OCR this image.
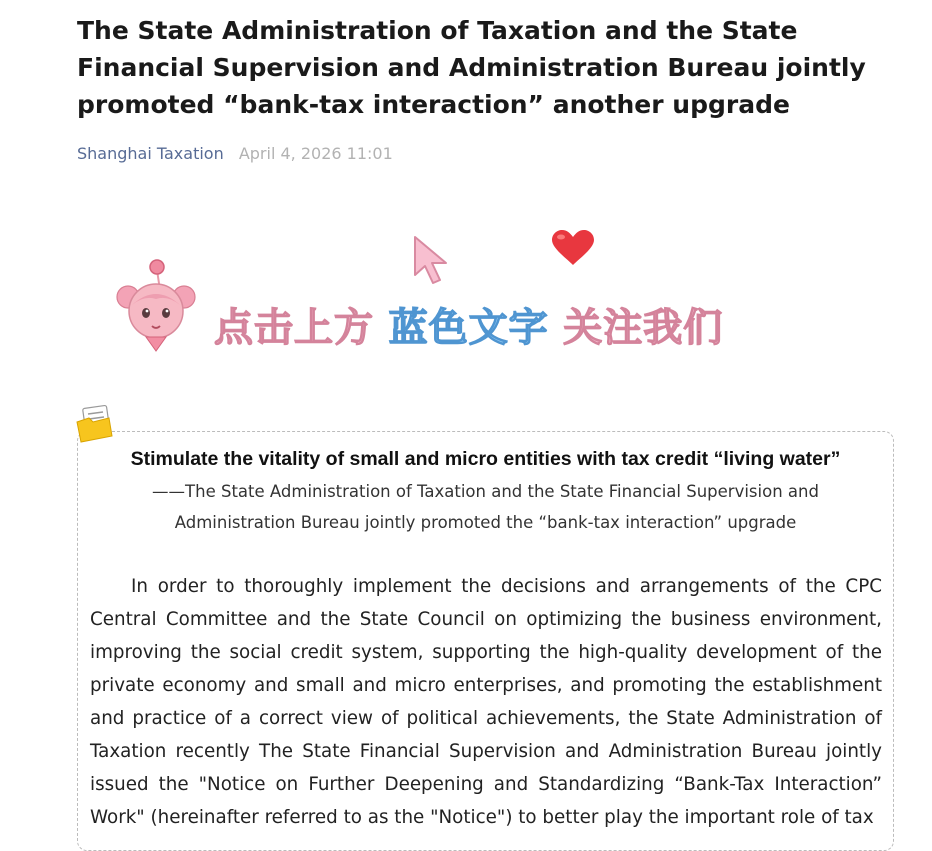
The State Administration of Taxation and the State Financial Supervision and Administration Bureau jointly promoted “bank-tax interaction” another upgrade
Shanghai Taxation April 4, 2026 11:01
点击上方 蓝色文字 关注我们
Stimulate the vitality of small and micro entities with tax credit “living water”
——The State Administration of Taxation and the State Financial Supervision and
Administration Bureau jointly promoted the “bank-tax interaction” upgrade

In order to thoroughly implement the decisions and arrangements of the CPC Central Committee and the State Council on optimizing the business environment, improving the social credit system, supporting the high-quality development of the private economy and small and micro enterprises, and promoting the establishment and practice of a correct view of political achievements, the State Administration of Taxation recently The State Financial Supervision and Administration Bureau jointly issued the "Notice on Further Deepening and Standardizing “Bank-Tax Interaction” Work" (hereinafter referred to as the "Notice") to better play the important role of tax
